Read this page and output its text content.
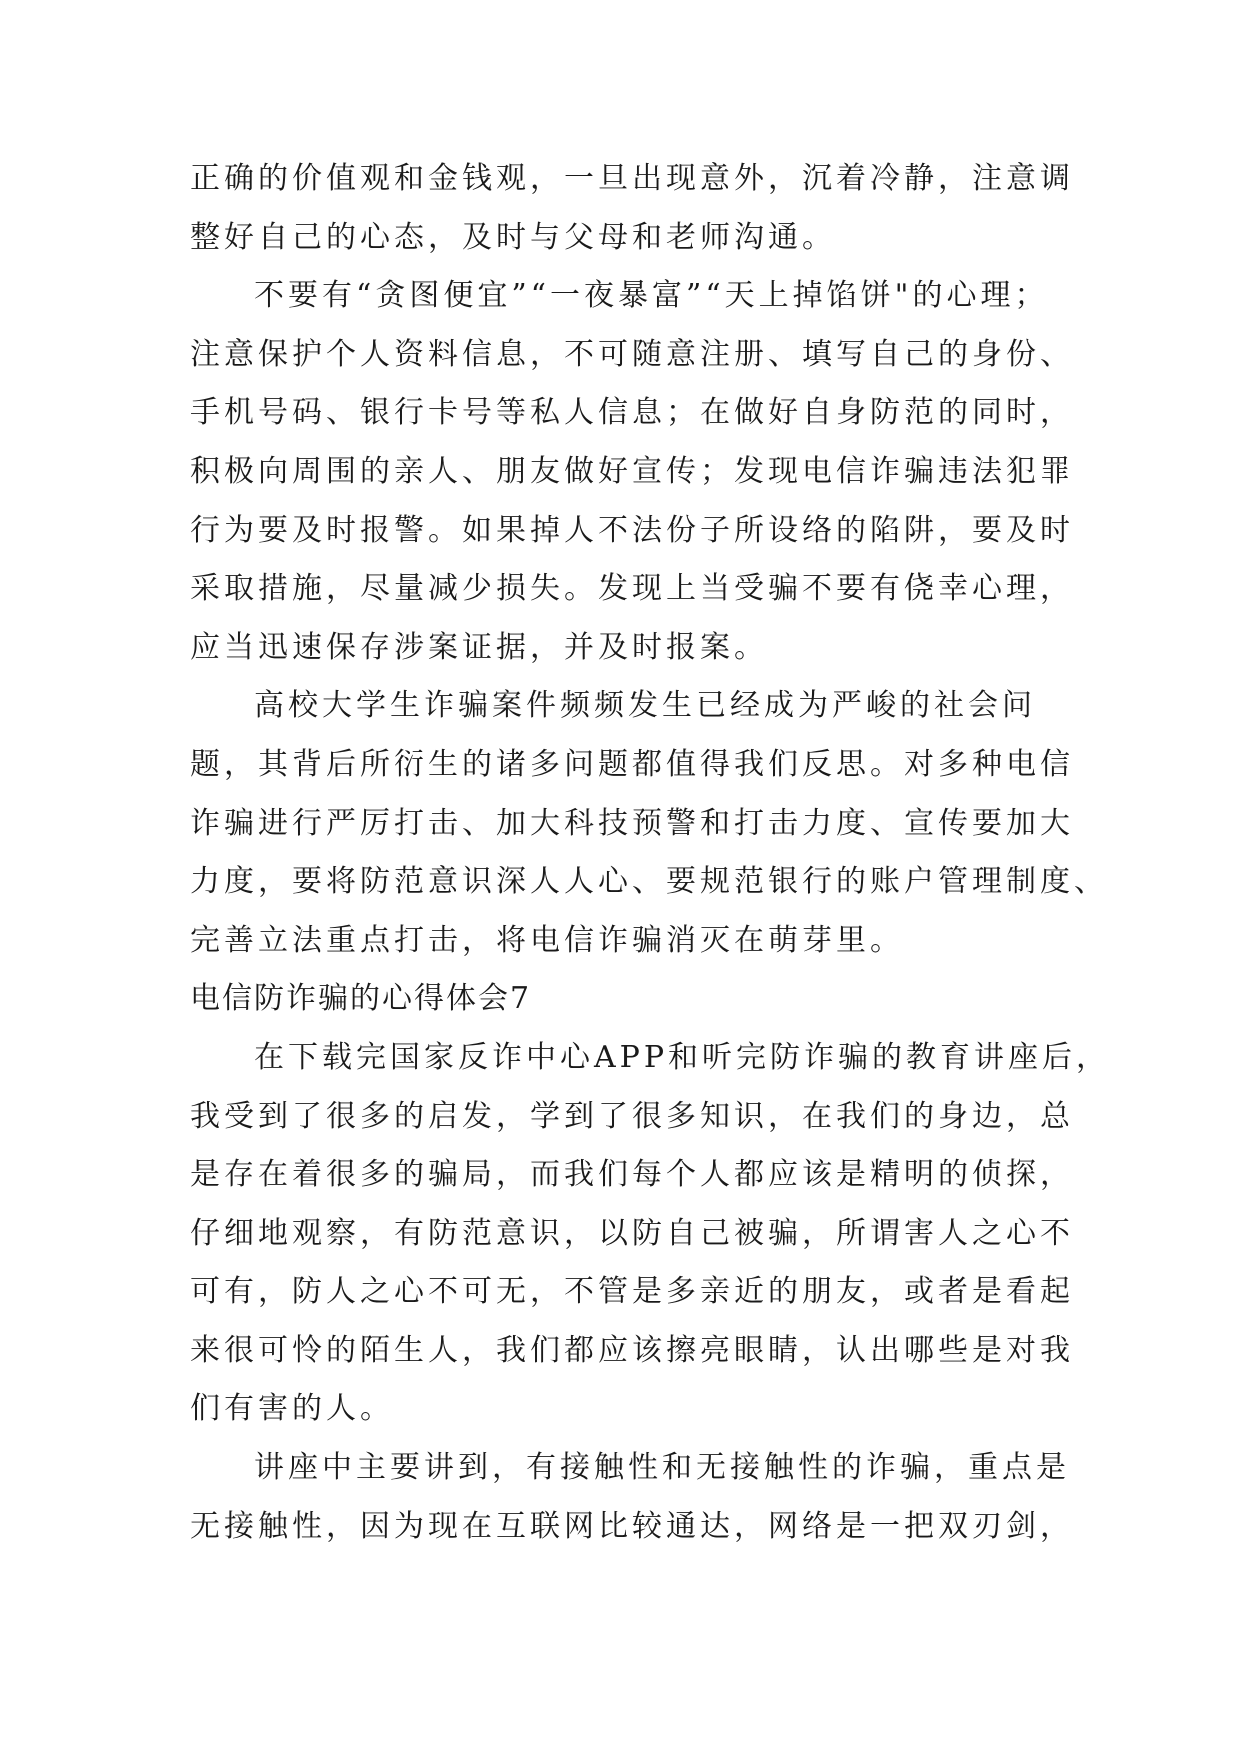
正确的价值观和金钱观，一旦出现意外，沉着冷静，注意调
整好自己的心态，及时与父母和老师沟通。
不要有“贪图便宜”“一夜暴富”“天上掉馅饼"的心理；
注意保护个人资料信息，不可随意注册、填写自己的身份、
手机号码、银行卡号等私人信息；在做好自身防范的同时，
积极向周围的亲人、朋友做好宣传；发现电信诈骗违法犯罪
行为要及时报警。如果掉人不法份子所设络的陷阱，要及时
采取措施，尽量减少损失。发现上当受骗不要有侥幸心理，
应当迅速保存涉案证据，并及时报案。
高校大学生诈骗案件频频发生已经成为严峻的社会问
题，其背后所衍生的诸多问题都值得我们反思。对多种电信
诈骗进行严厉打击、加大科技预警和打击力度、宣传要加大
力度，要将防范意识深人人心、要规范银行的账户管理制度、
完善立法重点打击，将电信诈骗消灭在萌芽里。
电信防诈骗的心得体会7
在下载完国家反诈中心APP和听完防诈骗的教育讲座后，
我受到了很多的启发，学到了很多知识，在我们的身边，总
是存在着很多的骗局，而我们每个人都应该是精明的侦探，
仔细地观察，有防范意识，以防自己被骗，所谓害人之心不
可有，防人之心不可无，不管是多亲近的朋友，或者是看起
来很可怜的陌生人，我们都应该擦亮眼睛，认出哪些是对我
们有害的人。
讲座中主要讲到，有接触性和无接触性的诈骗，重点是
无接触性，因为现在互联网比较通达，网络是一把双刃剑，
